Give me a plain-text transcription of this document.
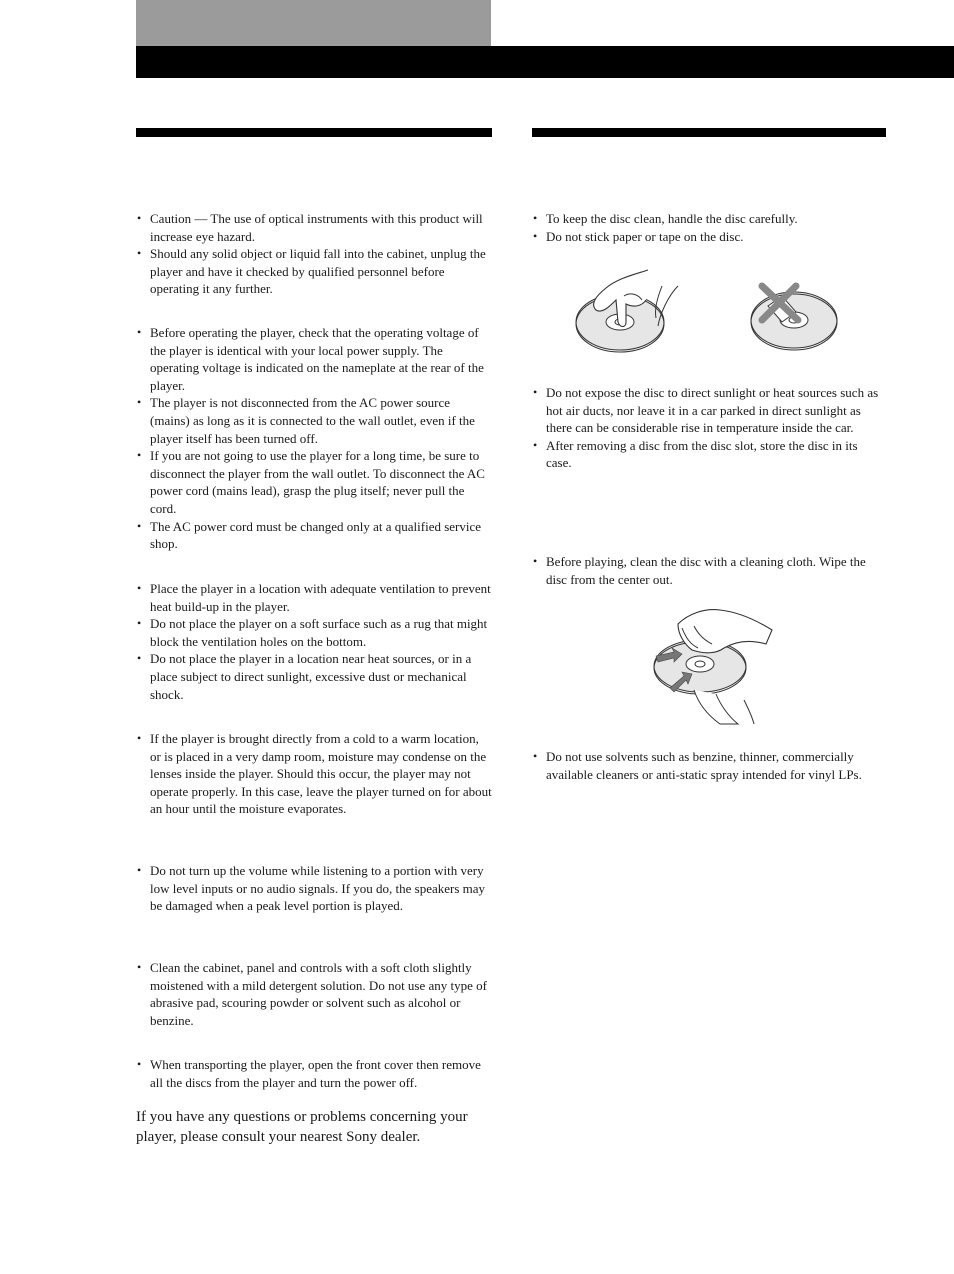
• Caution — The use of optical instruments with this product will increase eye hazard.
• Should any solid object or liquid fall into the cabinet, unplug the player and have it checked by qualified personnel before operating it any further.
• Before operating the player, check that the operating voltage of the player is identical with your local power supply. The operating voltage is indicated on the nameplate at the rear of the player.
• The player is not disconnected from the AC power source (mains) as long as it is connected to the wall outlet, even if the player itself has been turned off.
• If you are not going to use the player for a long time, be sure to disconnect the player from the wall outlet. To disconnect the AC power cord (mains lead), grasp the plug itself; never pull the cord.
• The AC power cord must be changed only at a qualified service shop.
• Place the player in a location with adequate ventilation to prevent heat build-up in the player.
• Do not place the player on a soft surface such as a rug that might block the ventilation holes on the bottom.
• Do not place the player in a location near heat sources, or in a place subject to direct sunlight, excessive dust or mechanical shock.
• If the player is brought directly from a cold to a warm location, or is placed in a very damp room, moisture may condense on the lenses inside the player. Should this occur, the player may not operate properly. In this case, leave the player turned on for about an hour until the moisture evaporates.
• Do not turn up the volume while listening to a portion with very low level inputs or no audio signals. If you do, the speakers may be damaged when a peak level portion is played.
• Clean the cabinet, panel and controls with a soft cloth slightly moistened with a mild detergent solution. Do not use any type of abrasive pad, scouring powder or solvent such as alcohol or benzine.
• When transporting the player, open the front cover then remove all the discs from the player and turn the power off.

If you have any questions or problems concerning your player, please consult your nearest Sony dealer.

• To keep the disc clean, handle the disc carefully.
• Do not stick paper or tape on the disc.
• Do not expose the disc to direct sunlight or heat sources such as hot air ducts, nor leave it in a car parked in direct sunlight as there can be considerable rise in temperature inside the car.
• After removing a disc from the disc slot, store the disc in its case.
• Before playing, clean the disc with a cleaning cloth. Wipe the disc from the center out.
• Do not use solvents such as benzine, thinner, commercially available cleaners or anti-static spray intended for vinyl LPs.
